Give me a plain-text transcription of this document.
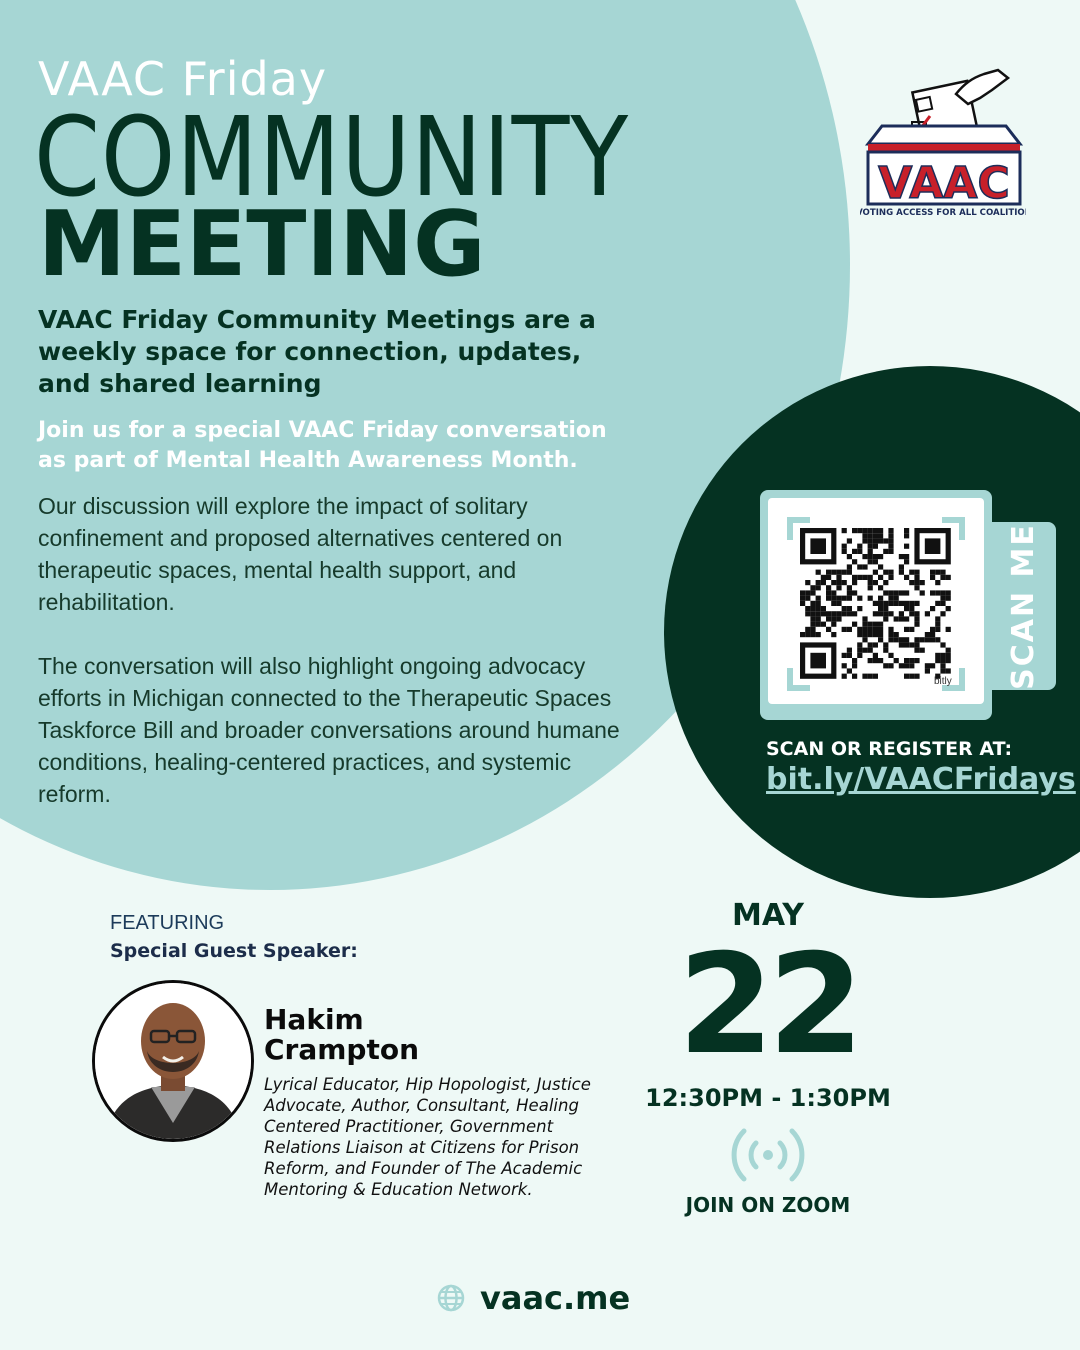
VAAC Friday
COMMUNITY
MEETING
VAAC
VOTING ACCESS FOR ALL COALITION
VAAC Friday Community Meetings are a weekly space for connection, updates, and shared learning
Join us for a special VAAC Friday conversation as part of Mental Health Awareness Month.
Our discussion will explore the impact of solitary confinement and proposed alternatives centered on therapeutic spaces, mental health support, and rehabilitation.
The conversation will also highlight ongoing advocacy efforts in Michigan connected to the Therapeutic Spaces Taskforce Bill and broader conversations around humane conditions, healing-centered practices, and systemic reform.
SCAN ME
bitly
SCAN OR REGISTER AT:
bit.ly/VAACFridays
FEATURING
Special Guest Speaker:
Hakim
Crampton
Lyrical Educator, Hip Hopologist, Justice Advocate, Author, Consultant, Healing Centered Practitioner, Government Relations Liaison at Citizens for Prison Reform, and Founder of The Academic Mentoring & Education Network.
MAY
22
12:30PM - 1:30PM
JOIN ON ZOOM
vaac.me
